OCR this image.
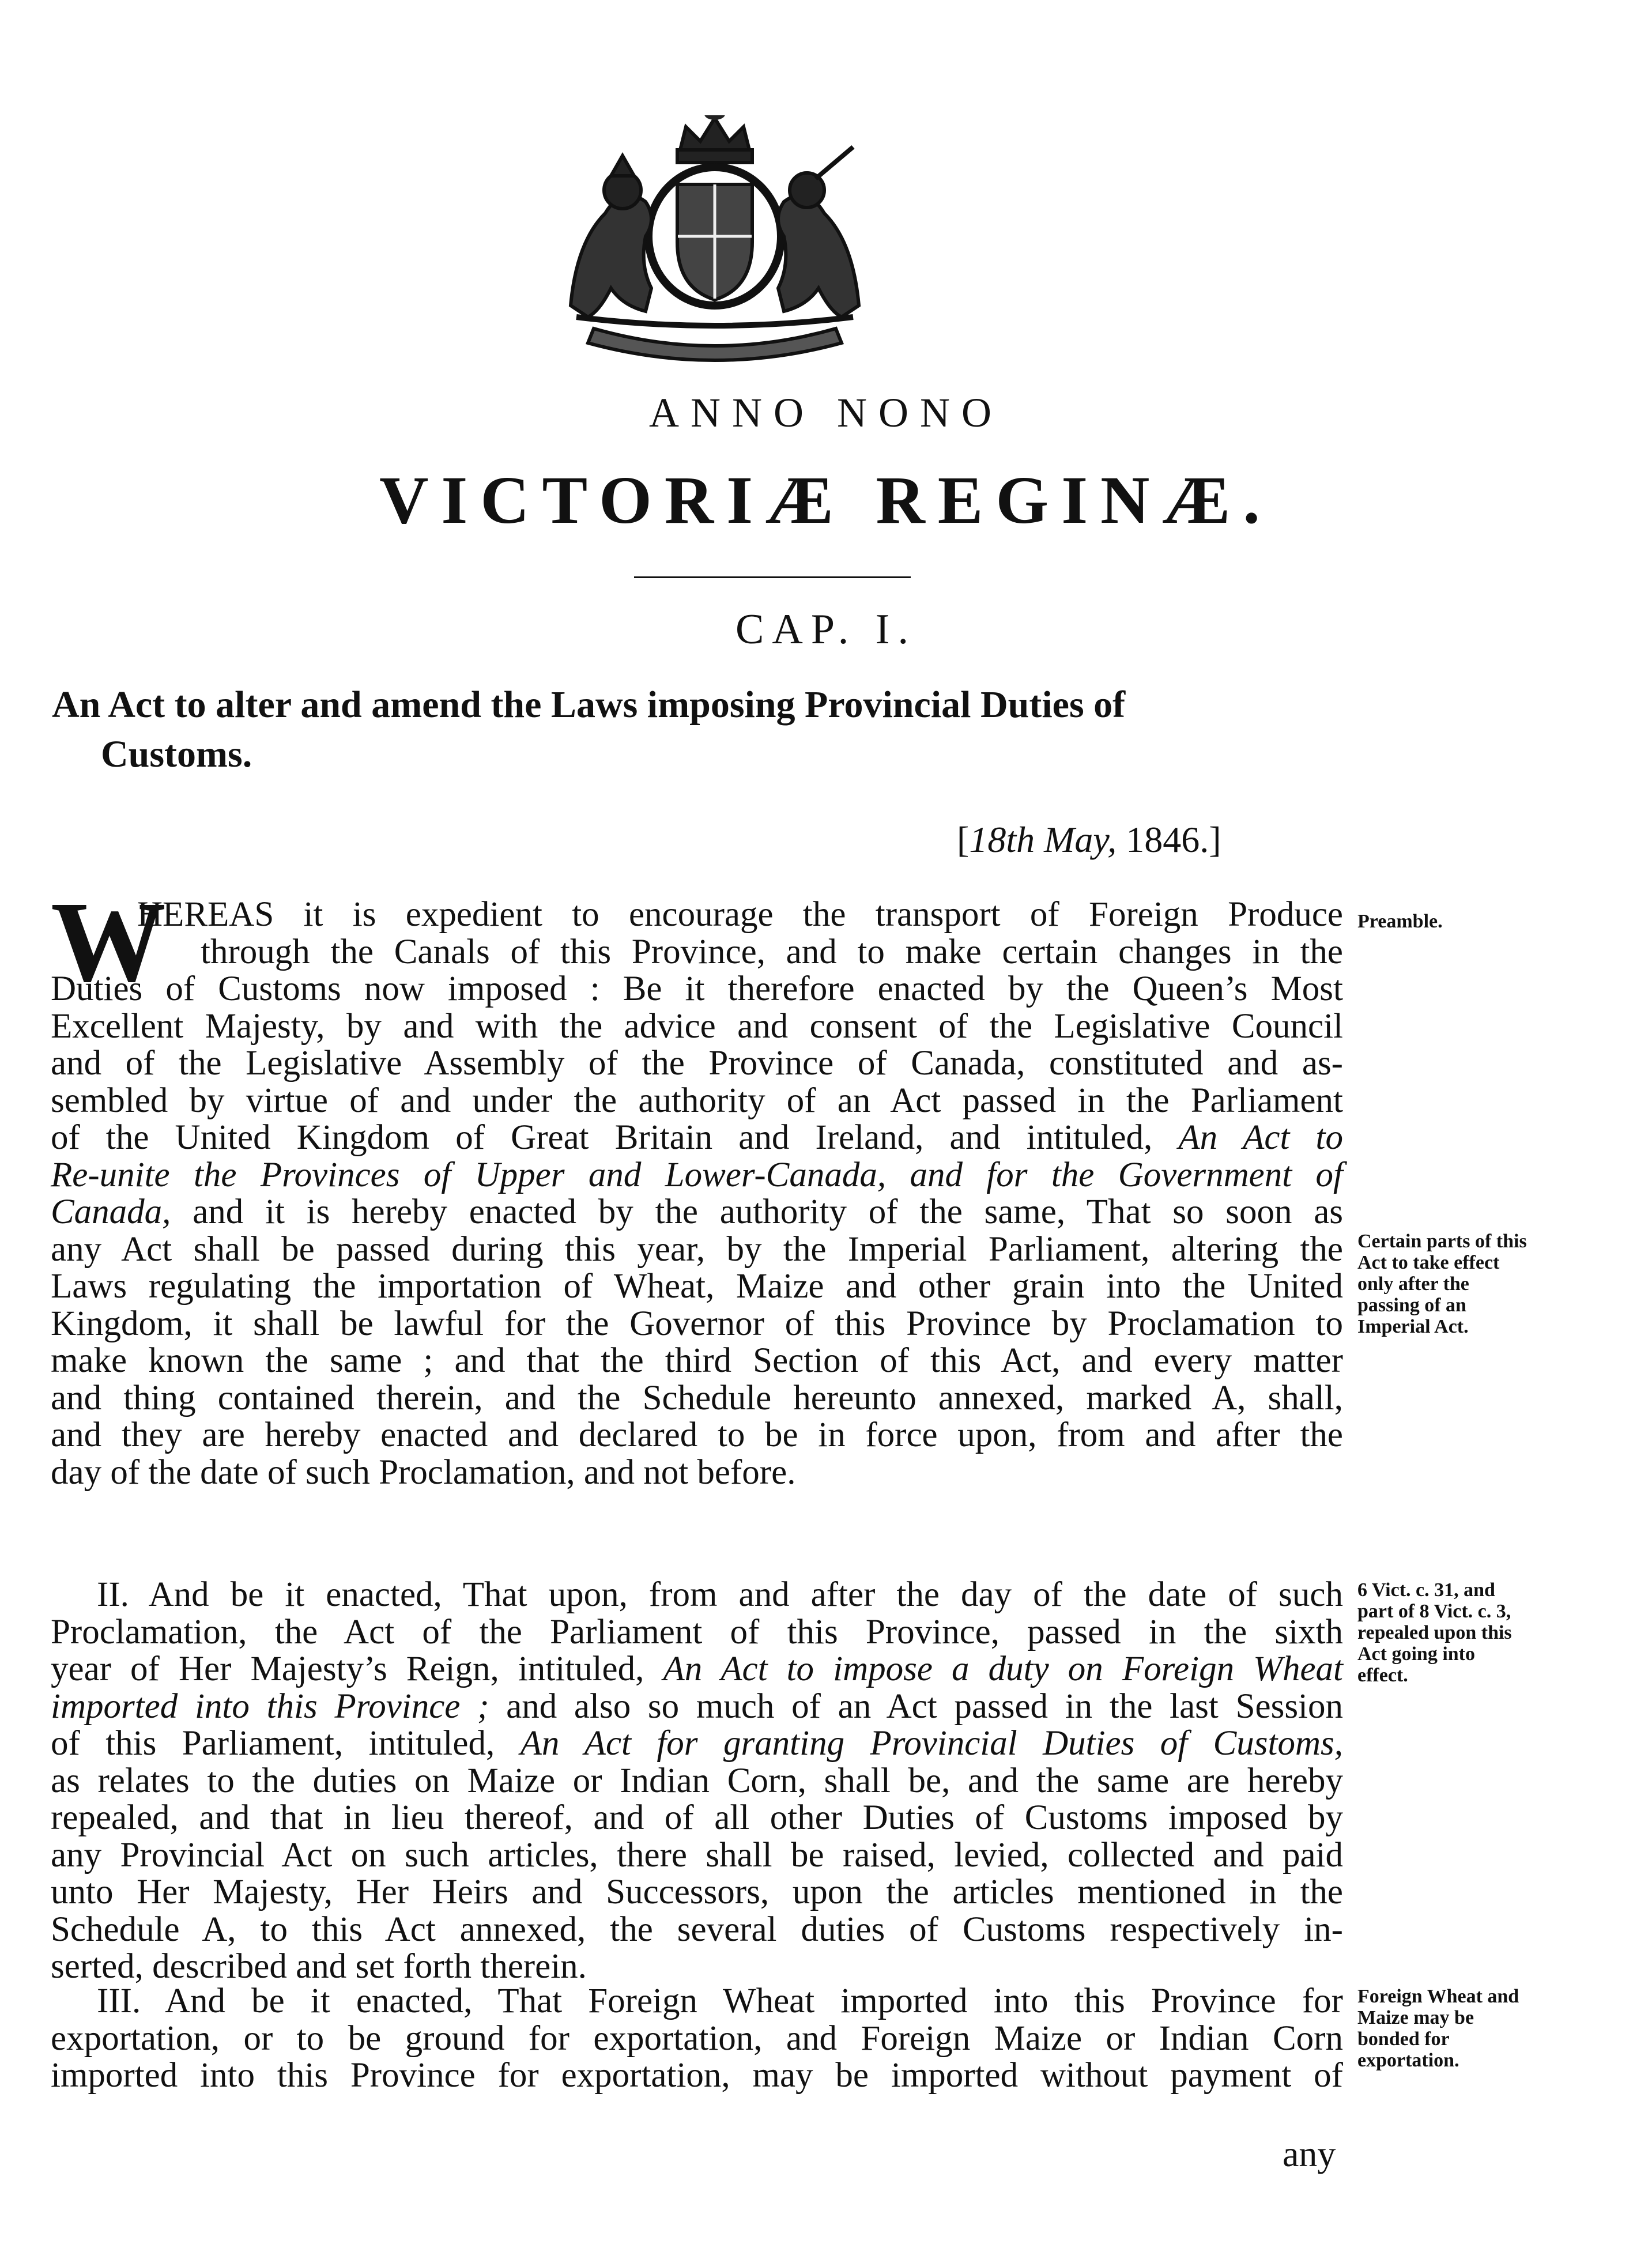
ANNO NONO
VICTORIÆ REGINÆ.
CAP. I.
An Act to alter and amend the Laws imposing Provincial Duties of
Customs.
[18th May, 1846.]
W
HEREAS it is expedient to encourage the transport of Foreign Produce
through the Canals of this Province, and to make certain changes in the
Duties of Customs now imposed : Be it therefore enacted by the Queen’s Most
Excellent Majesty, by and with the advice and consent of the Legislative Council
and of the Legislative Assembly of the Province of Canada, constituted and as-
sembled by virtue of and under the authority of an Act passed in the Parliament
of the United Kingdom of Great Britain and Ireland, and intituled, An Act to
Re-unite the Provinces of Upper and Lower-Canada, and for the Government of
Canada, and it is hereby enacted by the authority of the same, That so soon as
any Act shall be passed during this year, by the Imperial Parliament, altering the
Laws regulating the importation of Wheat, Maize and other grain into the United
Kingdom, it shall be lawful for the Governor of this Province by Proclamation to
make known the same ; and that the third Section of this Act, and every matter
and thing contained therein, and the Schedule hereunto annexed, marked A, shall,
and they are hereby enacted and declared to be in force upon, from and after the
day of the date of such Proclamation, and not before.
II. And be it enacted, That upon, from and after the day of the date of such
Proclamation, the Act of the Parliament of this Province, passed in the sixth
year of Her Majesty’s Reign, intituled, An Act to impose a duty on Foreign Wheat
imported into this Province ; and also so much of an Act passed in the last Session
of this Parliament, intituled, An Act for granting Provincial Duties of Customs,
as relates to the duties on Maize or Indian Corn, shall be, and the same are hereby
repealed, and that in lieu thereof, and of all other Duties of Customs imposed by
any Provincial Act on such articles, there shall be raised, levied, collected and paid
unto Her Majesty, Her Heirs and Successors, upon the articles mentioned in the
Schedule A, to this Act annexed, the several duties of Customs respectively in-
serted, described and set forth therein.
III. And be it enacted, That Foreign Wheat imported into this Province for
exportation, or to be ground for exportation, and Foreign Maize or Indian Corn
imported into this Province for exportation, may be imported without payment of
any
Preamble.
Certain parts of this Act to take effect only after the passing of an Imperial Act.
6 Vict. c. 31, and part of 8 Vict. c. 3, repealed upon this Act going into effect.
Foreign Wheat and Maize may be bonded for exportation.
